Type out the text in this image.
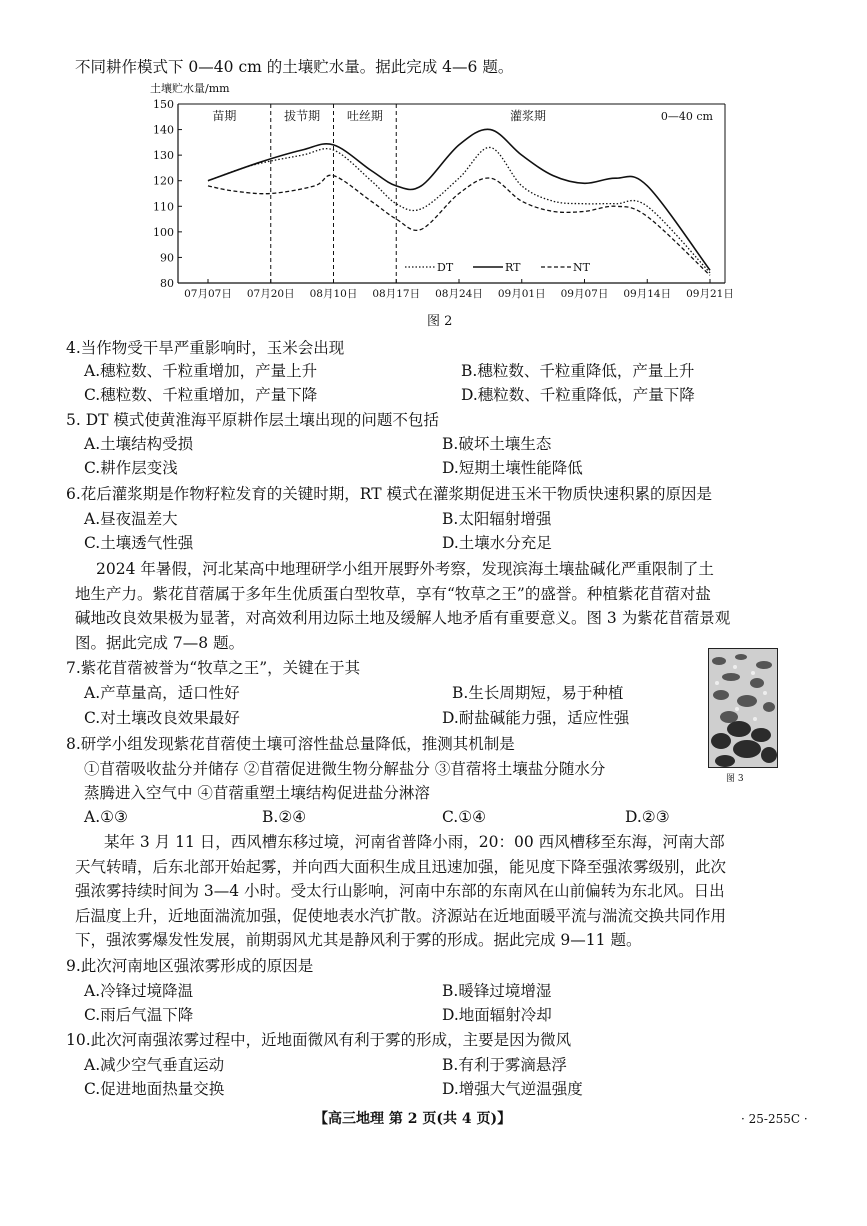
不同耕作模式下 0—40 cm 的土壤贮水量。据此完成 4—6 题。
土壤贮水量/mm
80
90
100
110
120
130
140
150
07月07日 07月20日 08月10日 08月17日 08月24日 09月01日 09月07日 09月14日 09月21日
苗期	拔节期 吐丝期	灌浆期	0—40 cm
DT	RT	NT
图 2
4.当作物受干旱严重影响时，玉米会出现
A.穗粒数、千粒重增加，产量上升	B.穗粒数、千粒重降低，产量上升
C.穗粒数、千粒重增加，产量下降	D.穗粒数、千粒重降低，产量下降
5. DT 模式使黄淮海平原耕作层土壤出现的问题不包括
A.土壤结构受损	B.破坏土壤生态
C.耕作层变浅	D.短期土壤性能降低
6.花后灌浆期是作物籽粒发育的关键时期，RT 模式在灌浆期促进玉米干物质快速积累的原因是
A.昼夜温差大	B.太阳辐射增强
C.土壤透气性强	D.土壤水分充足
2024 年暑假，河北某高中地理研学小组开展野外考察，发现滨海土壤盐碱化严重限制了土
地生产力。紫花苜蓿属于多年生优质蛋白型牧草，享有“牧草之王”的盛誉。种植紫花苜蓿对盐
碱地改良效果极为显著，对高效利用边际土地及缓解人地矛盾有重要意义。图 3 为紫花苜蓿景观
图。据此完成 7—8 题。
7.紫花苜蓿被誉为“牧草之王”，关键在于其
A.产草量高，适口性好	B.生长周期短，易于种植
C.对土壤改良效果最好	D.耐盐碱能力强，适应性强
图 3
8.研学小组发现紫花苜蓿使土壤可溶性盐总量降低，推测其机制是
①苜蓿吸收盐分并储存 ②苜蓿促进微生物分解盐分 ③苜蓿将土壤盐分随水分
蒸腾进入空气中 ④苜蓿重塑土壤结构促进盐分淋溶
A.①③	B.②④	C.①④	D.②③
某年 3 月 11 日，西风槽东移过境，河南省普降小雨，20：00 西风槽移至东海，河南大部
天气转晴，后东北部开始起雾，并向西大面积生成且迅速加强，能见度下降至强浓雾级别，此次
强浓雾持续时间为 3—4 小时。受太行山影响，河南中东部的东南风在山前偏转为东北风。日出
后温度上升，近地面湍流加强，促使地表水汽扩散。济源站在近地面暖平流与湍流交换共同作用
下，强浓雾爆发性发展，前期弱风尤其是静风利于雾的形成。据此完成 9—11 题。
9.此次河南地区强浓雾形成的原因是
A.冷锋过境降温	B.暖锋过境增湿
C.雨后气温下降	D.地面辐射冷却
10.此次河南强浓雾过程中，近地面微风有利于雾的形成，主要是因为微风
A.减少空气垂直运动	B.有利于雾滴悬浮
C.促进地面热量交换	D.增强大气逆温强度
【高三地理 第 2 页(共 4 页)】	· 25-255C ·
